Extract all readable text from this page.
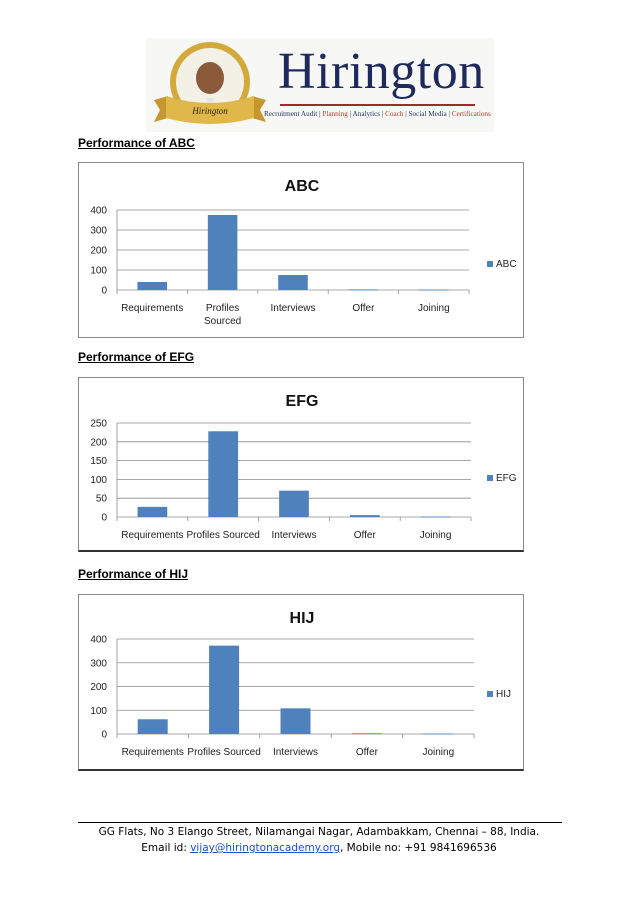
Hirington
Hirington
Recruitment Audit | Planning | Analytics | Coach | Social Media | Certifications
Performance of ABC
Performance of EFG
Performance of HIJ
ABC
0
100
200
300
400
Requirements Profiles
Sourced
Interviews	Offer	Joining
ABC
EFG
0
50
100
150
200
250
Requirements Profiles Sourced Interviews	Offer	Joining
EFG
HIJ
0
100
200
300
400
Requirements Profiles Sourced Interviews	Offer	Joining
HIJ
GG Flats, No 3 Elango Street, Nilamangai Nagar, Adambakkam, Chennai – 88, India.
Email id: vijay@hiringtonacademy.org, Mobile no: +91 9841696536
